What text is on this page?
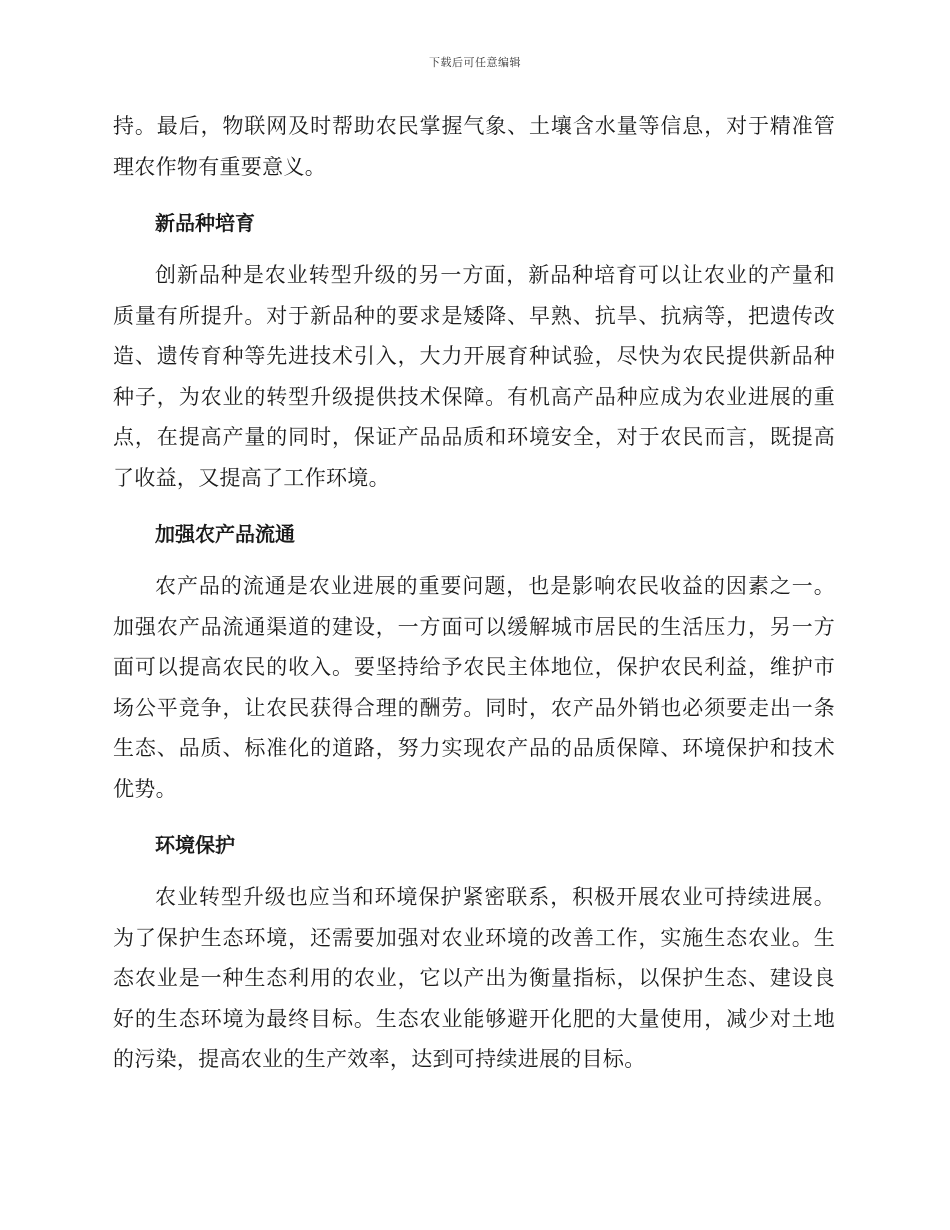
下载后可任意编辑

持。最后，物联网及时帮助农民掌握气象、土壤含水量等信息，对于精准管理农作物有重要意义。

新品种培育

创新品种是农业转型升级的另一方面，新品种培育可以让农业的产量和质量有所提升。对于新品种的要求是矮降、早熟、抗旱、抗病等，把遗传改造、遗传育种等先进技术引入，大力开展育种试验，尽快为农民提供新品种种子，为农业的转型升级提供技术保障。有机高产品种应成为农业进展的重点，在提高产量的同时，保证产品品质和环境安全，对于农民而言，既提高了收益，又提高了工作环境。

加强农产品流通

农产品的流通是农业进展的重要问题，也是影响农民收益的因素之一。加强农产品流通渠道的建设，一方面可以缓解城市居民的生活压力，另一方面可以提高农民的收入。要坚持给予农民主体地位，保护农民利益，维护市场公平竞争，让农民获得合理的酬劳。同时，农产品外销也必须要走出一条生态、品质、标准化的道路，努力实现农产品的品质保障、环境保护和技术优势。

环境保护

农业转型升级也应当和环境保护紧密联系，积极开展农业可持续进展。为了保护生态环境，还需要加强对农业环境的改善工作，实施生态农业。生态农业是一种生态利用的农业，它以产出为衡量指标，以保护生态、建设良好的生态环境为最终目标。生态农业能够避开化肥的大量使用，减少对土地的污染，提高农业的生产效率，达到可持续进展的目标。
